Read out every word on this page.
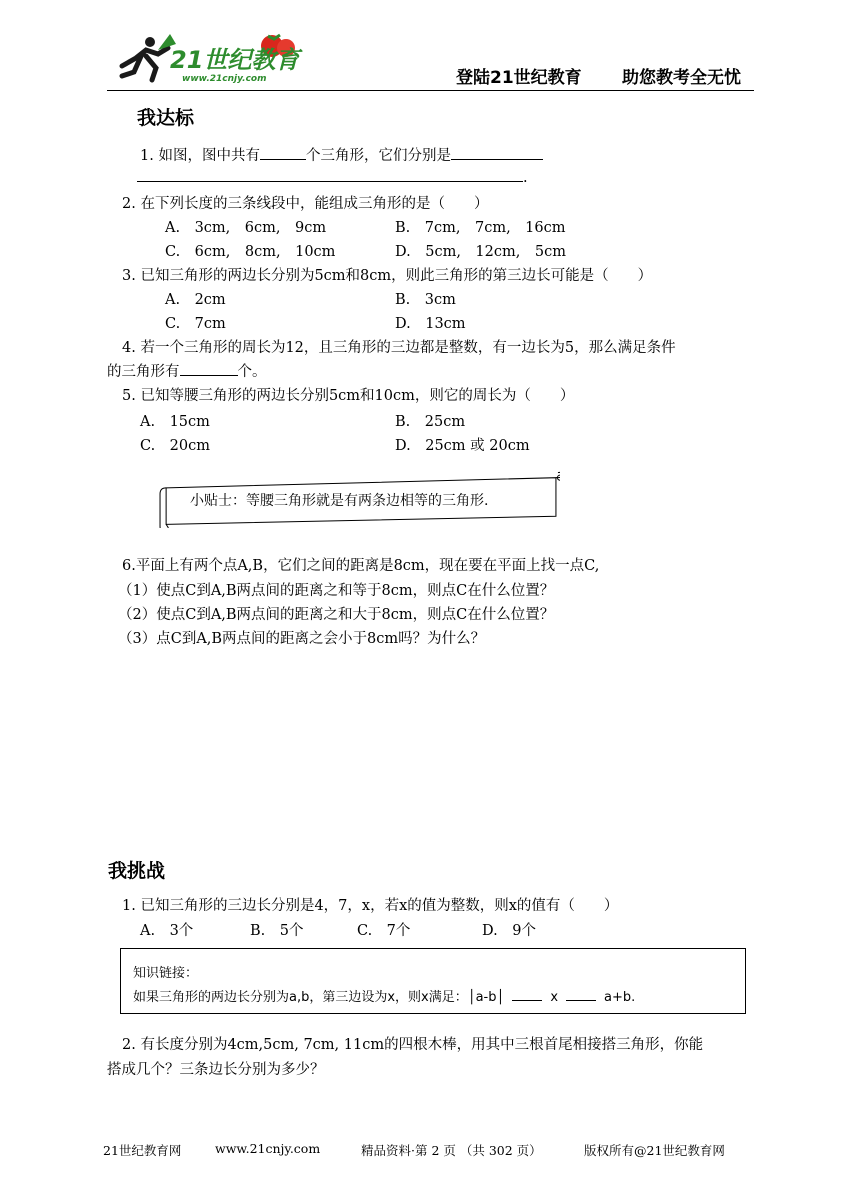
21世纪教育
www.21cnjy.com	登陆21世纪教育 助您教考全无忧
我达标
1. 如图，图中共有	个三角形，它们分别是
.
2. 在下列长度的三条线段中，能组成三角形的是（　　）
A.　3cm,　6cm,　9cm	B.　7cm,　7cm,　16cm
C.　6cm,　8cm,　10cm	D.　5cm,　12cm,　5cm
3. 已知三角形的两边长分别为5cm和8cm，则此三角形的第三边长可能是（　　）
A.　2cm	B.　3cm
C.　7cm	D.　13cm
4. 若一个三角形的周长为12，且三角形的三边都是整数，有一边长为5，那么满足条件
的三角形有	个。
5. 已知等腰三角形的两边长分别5cm和10cm，则它的周长为（　　）
A.　15cm	B.　25cm
C.　20cm	D.　25cm 或 20cm
小贴士：等腰三角形就是有两条边相等的三角形.
6.平面上有两个点A,B，它们之间的距离是8cm，现在要在平面上找一点C,
（1）使点C到A,B两点间的距离之和等于8cm，则点C在什么位置？
（2）使点C到A,B两点间的距离之和大于8cm，则点C在什么位置？
（3）点C到A,B两点间的距离之会小于8cm吗？为什么？
我挑战
1. 已知三角形的三边长分别是4，7，x，若x的值为整数，则x的值有（　　）
A.　3个	B.　5个	C.　7个	D.　9个
知识链接：
如果三角形的两边长分别为a,b，第三边设为x，则x满足：│a-b│	x	a+b.
2. 有长度分别为4cm,5cm, 7cm, 11cm的四根木棒，用其中三根首尾相接搭三角形，你能
搭成几个？三条边长分别为多少？
21世纪教育网	www.21cnjy.com	精品资料·第 2 页 （共 302 页）	版权所有@21世纪教育网
